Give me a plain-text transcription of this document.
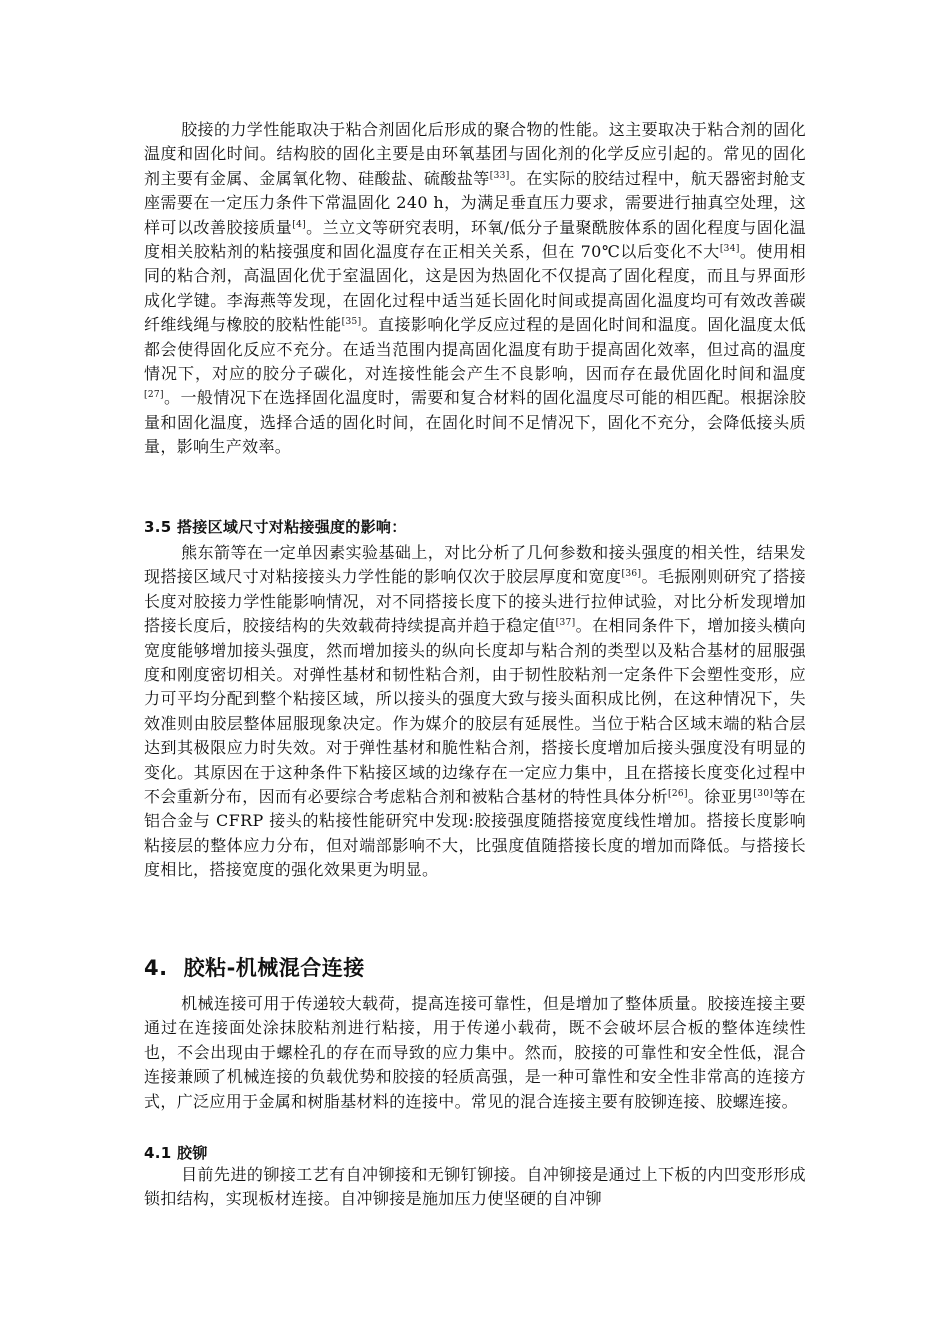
胶接的力学性能取决于粘合剂固化后形成的聚合物的性能。这主要取决于粘合剂的固化温度和固化时间。结构胶的固化主要是由环氧基团与固化剂的化学反应引起的。常见的固化剂主要有金属、金属氧化物、硅酸盐、硫酸盐等[33]。在实际的胶结过程中，航天器密封舱支座需要在一定压力条件下常温固化 240 h，为满足垂直压力要求，需要进行抽真空处理，这样可以改善胶接质量[4]。兰立文等研究表明，环氧/低分子量聚酰胺体系的固化程度与固化温度相关胶粘剂的粘接强度和固化温度存在正相关关系，但在 70℃以后变化不大[34]。使用相同的粘合剂，高温固化优于室温固化，这是因为热固化不仅提高了固化程度，而且与界面形成化学键。李海燕等发现，在固化过程中适当延长固化时间或提高固化温度均可有效改善碳纤维线绳与橡胶的胶粘性能[35]。直接影响化学反应过程的是固化时间和温度。固化温度太低都会使得固化反应不充分。在适当范围内提高固化温度有助于提高固化效率，但过高的温度情况下，对应的胶分子碳化，对连接性能会产生不良影响，因而存在最优固化时间和温度[27]。一般情况下在选择固化温度时，需要和复合材料的固化温度尽可能的相匹配。根据涂胶量和固化温度，选择合适的固化时间，在固化时间不足情况下，固化不充分，会降低接头质量，影响生产效率。

3.5 搭接区域尺寸对粘接强度的影响：

熊东箭等在一定单因素实验基础上，对比分析了几何参数和接头强度的相关性，结果发现搭接区域尺寸对粘接接头力学性能的影响仅次于胶层厚度和宽度[36]。毛振刚则研究了搭接长度对胶接力学性能影响情况，对不同搭接长度下的接头进行拉伸试验，对比分析发现增加搭接长度后，胶接结构的失效载荷持续提高并趋于稳定值[37]。在相同条件下，增加接头横向宽度能够增加接头强度，然而增加接头的纵向长度却与粘合剂的类型以及粘合基材的屈服强度和刚度密切相关。对弹性基材和韧性粘合剂，由于韧性胶粘剂一定条件下会塑性变形，应力可平均分配到整个粘接区域，所以接头的强度大致与接头面积成比例，在这种情况下，失效准则由胶层整体屈服现象决定。作为媒介的胶层有延展性。当位于粘合区域末端的粘合层达到其极限应力时失效。对于弹性基材和脆性粘合剂，搭接长度增加后接头强度没有明显的变化。其原因在于这种条件下粘接区域的边缘存在一定应力集中，且在搭接长度变化过程中不会重新分布，因而有必要综合考虑粘合剂和被粘合基材的特性具体分析[26]。徐亚男[30]等在铝合金与 CFRP 接头的粘接性能研究中发现:胶接强度随搭接宽度线性增加。搭接长度影响粘接层的整体应力分布，但对端部影响不大，比强度值随搭接长度的增加而降低。与搭接长度相比，搭接宽度的强化效果更为明显。

4. 胶粘-机械混合连接

机械连接可用于传递较大载荷，提高连接可靠性，但是增加了整体质量。胶接连接主要通过在连接面处涂抹胶粘剂进行粘接，用于传递小载荷，既不会破坏层合板的整体连续性也，不会出现由于螺栓孔的存在而导致的应力集中。然而，胶接的可靠性和安全性低，混合连接兼顾了机械连接的负载优势和胶接的轻质高强，是一种可靠性和安全性非常高的连接方式，广泛应用于金属和树脂基材料的连接中。常见的混合连接主要有胶铆连接、胶螺连接。

4.1 胶铆

目前先进的铆接工艺有自冲铆接和无铆钉铆接。自冲铆接是通过上下板的内凹变形形成锁扣结构，实现板材连接。自冲铆接是施加压力使坚硬的自冲铆
